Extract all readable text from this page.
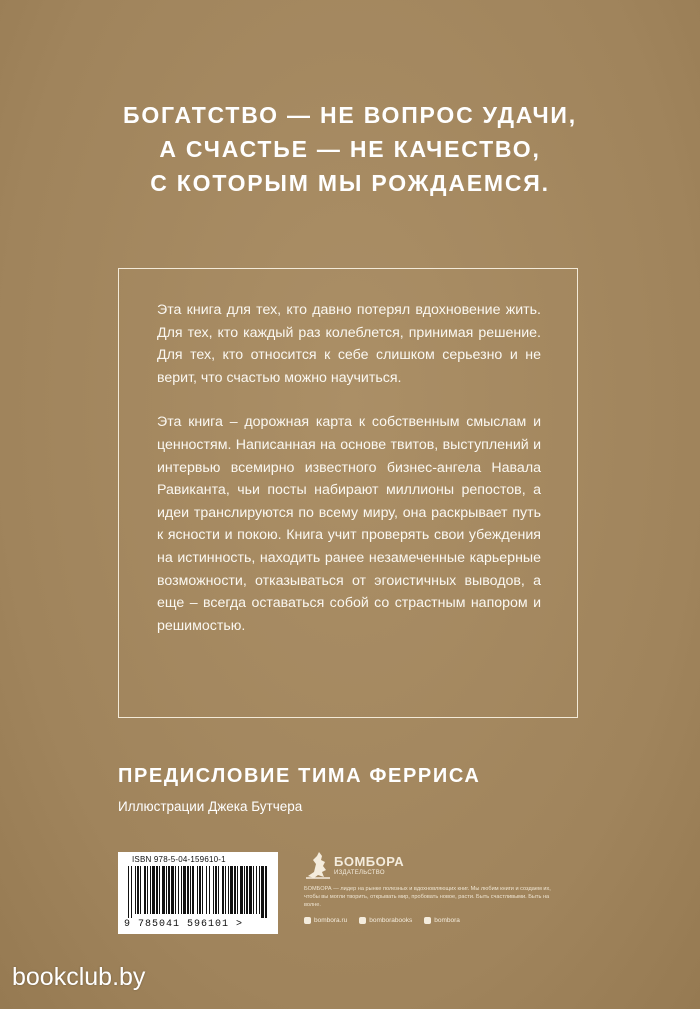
БОГАТСТВО — НЕ ВОПРОС УДАЧИ,
А СЧАСТЬЕ — НЕ КАЧЕСТВО,
С КОТОРЫМ МЫ РОЖДАЕМСЯ.

Эта книга для тех, кто давно потерял вдохновение жить. Для тех, кто каждый раз колеблется, принимая решение. Для тех, кто относится к себе слишком серьезно и не верит, что счастью можно научиться.

Эта книга – дорожная карта к собственным смыслам и ценностям. Написанная на основе твитов, выступлений и интервью всемирно известного бизнес-ангела Навала Равиканта, чьи посты набирают миллионы репостов, а идеи транслируются по всему миру, она раскрывает путь к ясности и покою. Книга учит проверять свои убеждения на истинность, находить ранее незамеченные карьерные возможности, отказываться от эгоистичных выводов, а еще – всегда оставаться собой со страстным напором и решимостью.

ПРЕДИСЛОВИЕ ТИМА ФЕРРИСА
Иллюстрации Джека Бутчера
ISBN 978-5-04-159610-1
9 785041 596101 >
БОМБОРА
ИЗДАТЕЛЬСТВО
БОМБОРА — лидер на рынке полезных и вдохновляющих книг. Мы любим книги и создаем их, чтобы вы могли творить, открывать мир, пробовать новое, расти. Быть счастливыми. Быть на волне.
bombora.ru	bomborabooks	bombora
bookclub.by
